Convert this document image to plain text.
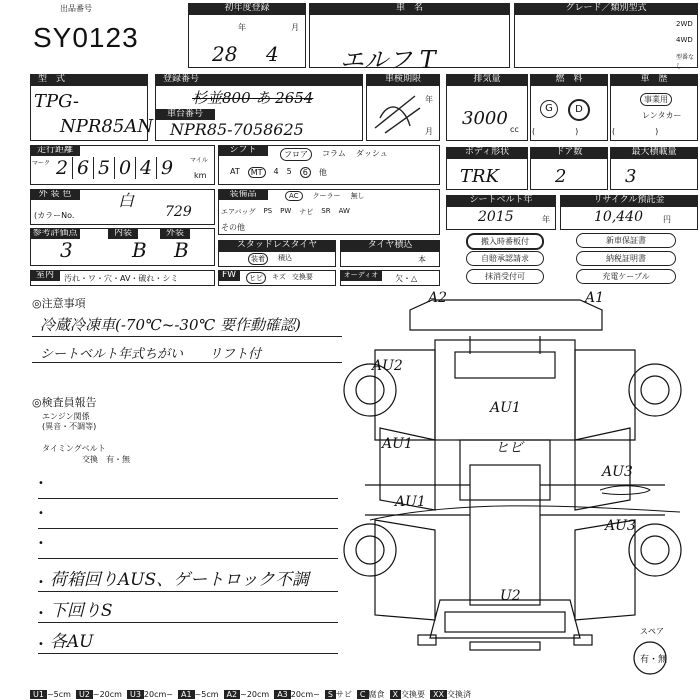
出品番号
SY0123
初年度登録
年	月
28 4
車　名
エルフ T
グレード／類別型式
2WD
4WD
型番なし
型　式
TPG-
NPR85AN
登録番号
杉並800 あ 2654
車台番号
NPR85-7058625
車検期限
年
月
排気量
3000
cc
燃　料
G	D
(　　　　　)
車　歴
事業用
レンタカー
(　　　　　)
走行距離
マーク 2 6 5 0 4 9	マイル
km
シフト	フロア	コラム ダッシュ
AT	MT	4 5	6	他
ボディ形状
TRK
ドア数
2
最大積載量
3
外 装 色	白
(カラーNo.	729
装備品	AC	クーラー 無し
エアバッグ PS PW ナビ SR AW
その他
シートベルト年
2015	年
リサイクル預託金
10,440	円
参考評価点	内装	外装
3	B B	スタッドレスタイヤ
装着	積込
タイヤ積込
本
搬入時番板付	新車保証書
自賠承認請求	納税証明書
抹消受付可	充電ケーブル
室内	汚れ・ワ・穴・AV・破れ・シミ	FW	ヒビ	キズ 交換要	オーディオ	欠・△
◎注意事項
冷蔵冷凍車(-70℃~-30℃ 要作動確認)
シートベルト年式ちがい　　リフト付
◎検査員報告
エンジン関係
(異音・不調等)
タイミングベルト
交換　有・無
•
•
•
• 荷箱回りAUS、ゲートロック不調
• 下回りS
• 各AU
A2	A1
AU2
AU1
AU1	ヒビ
AU1
AU3
AU3
U2
スペア
有・無
U1 ~5cm	U2 ~20cm	U3 20cm~	A1 ~5cm	A2 ~20cm	A3 20cm~	S サビ	C 腐食	X 交換要	XX 交換済
